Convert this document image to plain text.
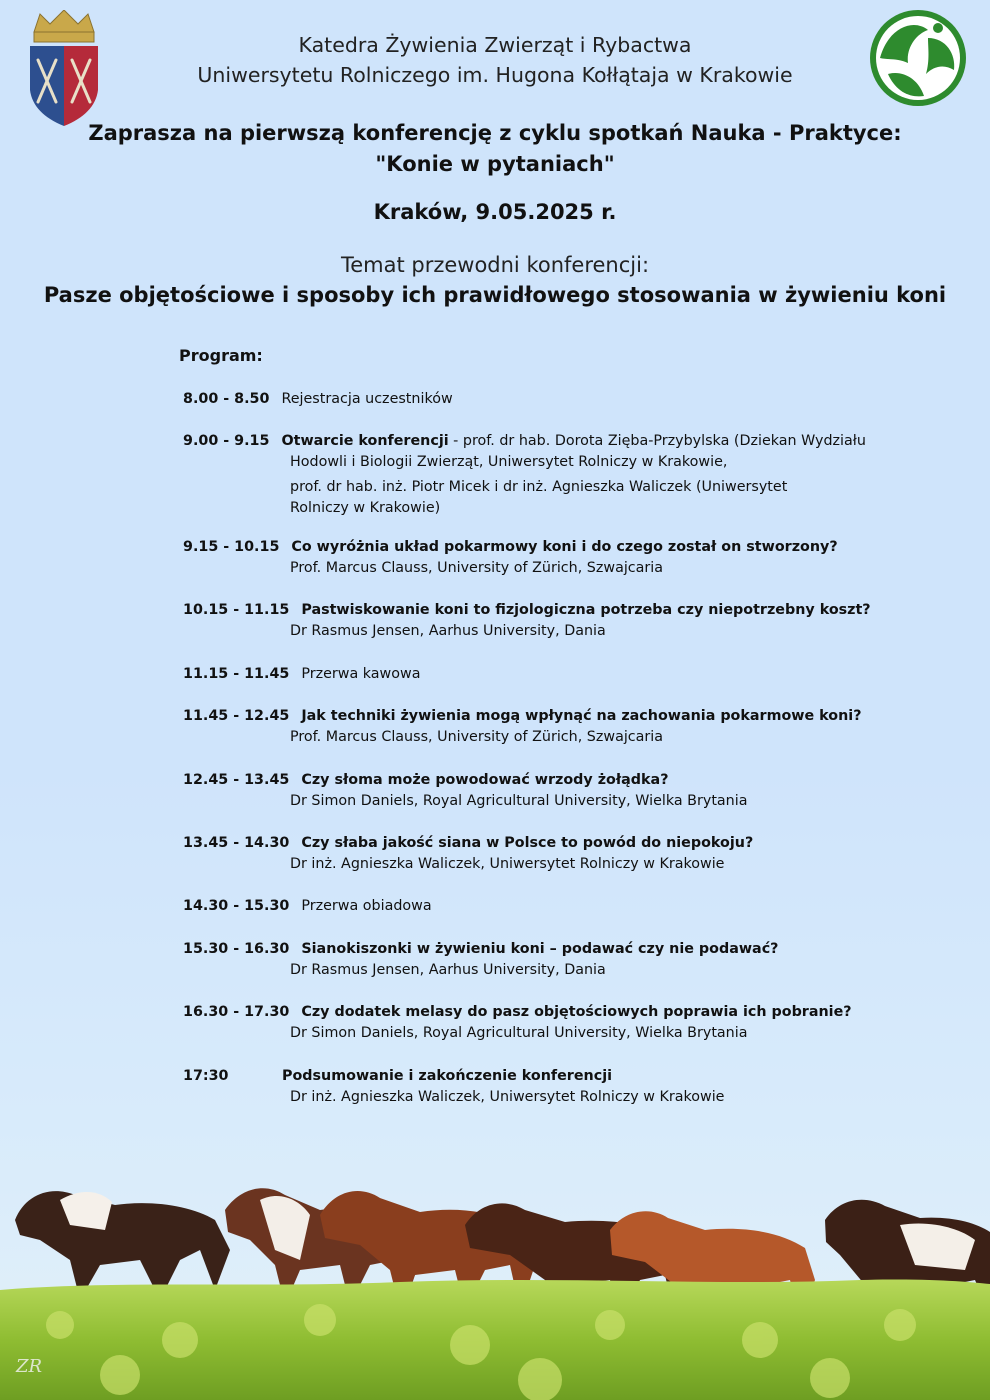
Katedra Żywienia Zwierząt i Rybactwa
Uniwersytetu Rolniczego im. Hugona Kołłątaja w Krakowie

Zaprasza na pierwszą konferencję z cyklu spotkań Nauka - Praktyce:
"Konie w pytaniach"

Kraków, 9.05.2025 r.

Temat przewodni konferencji:

Pasze objętościowe i sposoby ich prawidłowego stosowania w żywieniu koni

Program:
8.00 - 8.50 Rejestracja uczestników
9.00 - 9.15 Otwarcie konferencji - prof. dr hab. Dorota Zięba-Przybylska (Dziekan Wydziału
Hodowli i Biologii Zwierząt, Uniwersytet Rolniczy w Krakowie,
prof. dr hab. inż. Piotr Micek i dr inż. Agnieszka Waliczek (Uniwersytet Rolniczy w Krakowie)
9.15 - 10.15 Co wyróżnia układ pokarmowy koni i do czego został on stworzony?
Prof. Marcus Clauss, University of Zürich, Szwajcaria
10.15 - 11.15 Pastwiskowanie koni to fizjologiczna potrzeba czy niepotrzebny koszt?
Dr Rasmus Jensen, Aarhus University, Dania
11.15 - 11.45 Przerwa kawowa
11.45 - 12.45 Jak techniki żywienia mogą wpłynąć na zachowania pokarmowe koni?
Prof. Marcus Clauss, University of Zürich, Szwajcaria
12.45 - 13.45 Czy słoma może powodować wrzody żołądka?
Dr Simon Daniels, Royal Agricultural University, Wielka Brytania
13.45 - 14.30 Czy słaba jakość siana w Polsce to powód do niepokoju?
Dr inż. Agnieszka Waliczek, Uniwersytet Rolniczy w Krakowie
14.30 - 15.30 Przerwa obiadowa
15.30 - 16.30 Sianokiszonki w żywieniu koni – podawać czy nie podawać?
Dr Rasmus Jensen, Aarhus University, Dania
16.30 - 17.30 Czy dodatek melasy do pasz objętościowych poprawia ich pobranie?
Dr Simon Daniels, Royal Agricultural University, Wielka Brytania
17:30	Podsumowanie i zakończenie konferencji
Dr inż. Agnieszka Waliczek, Uniwersytet Rolniczy w Krakowie
ZR
